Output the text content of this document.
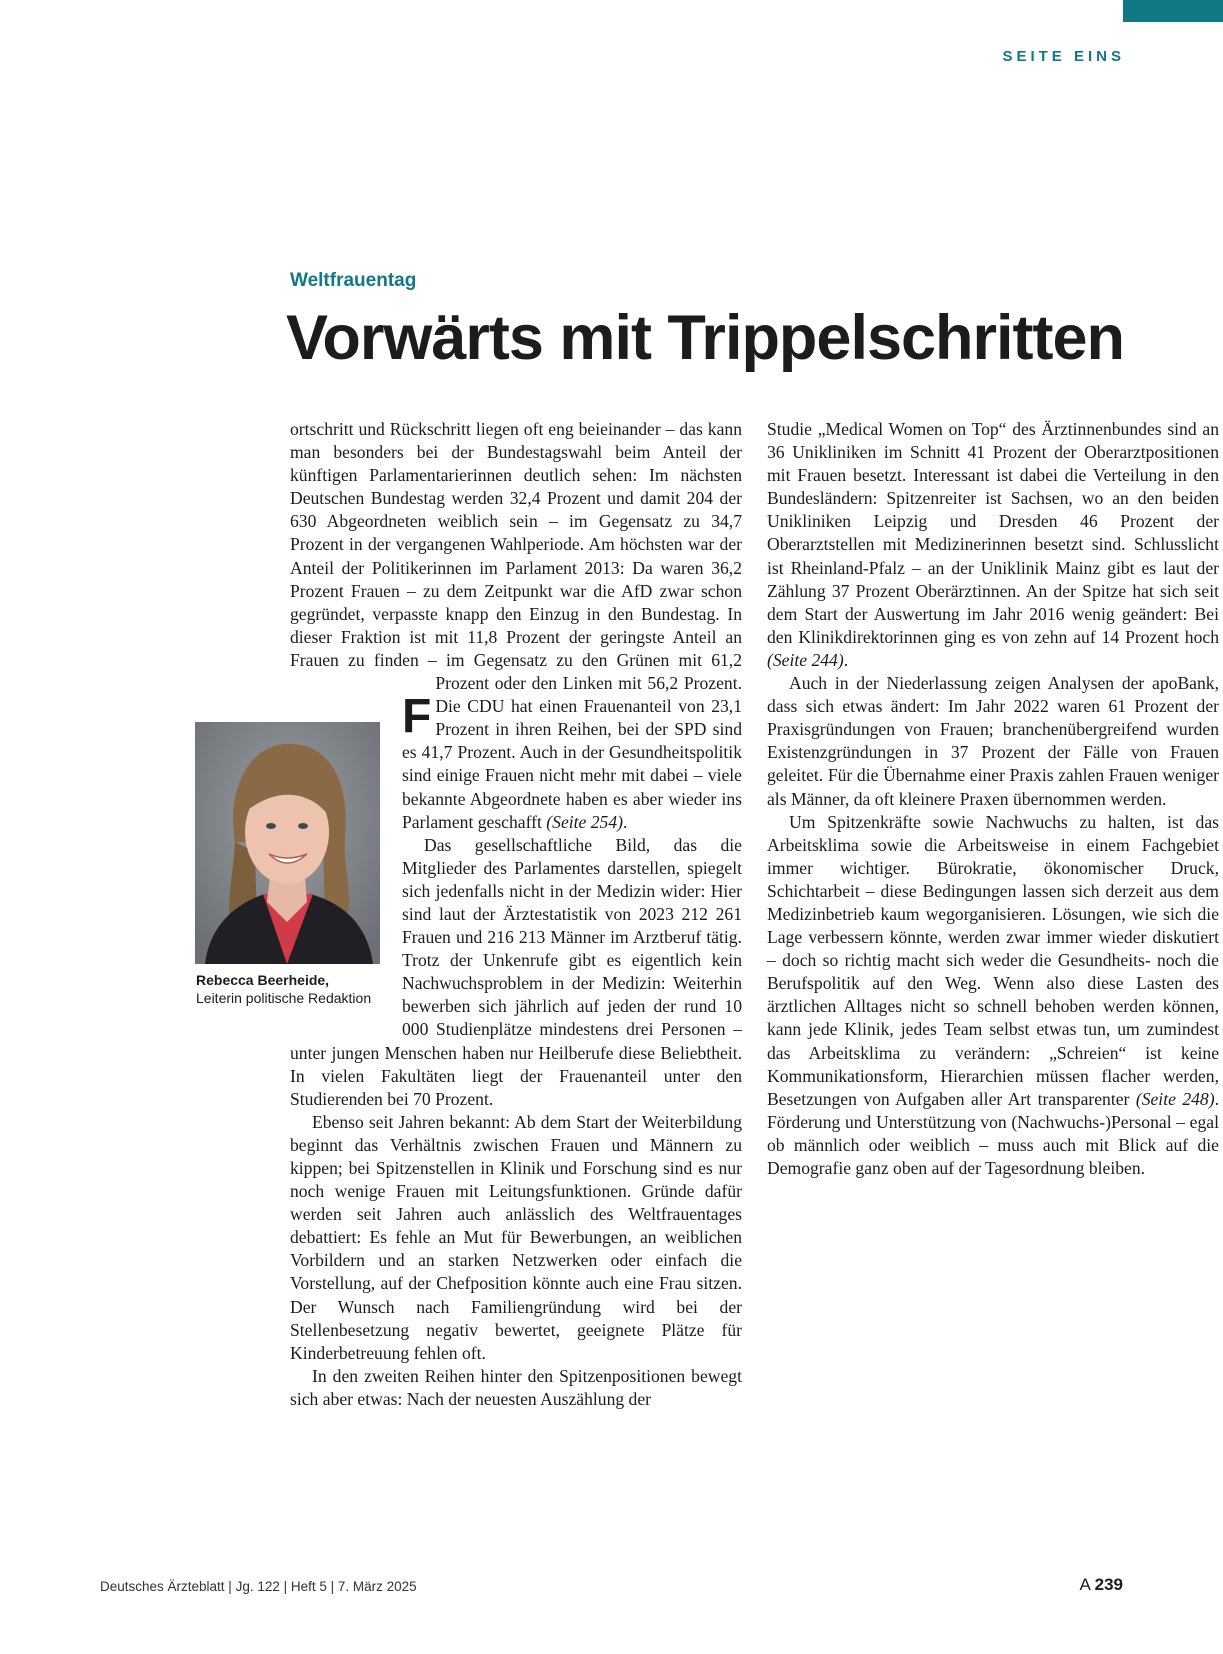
SEITE EINS
Weltfrauentag
Vorwärts mit Trippelschritten

F
ortschritt und Rückschritt liegen oft eng beieinander – das kann man besonders bei der Bundestagswahl beim Anteil der künftigen Parlamentarierinnen deutlich sehen: Im nächsten Deutschen Bundestag werden 32,4 Prozent und damit 204 der 630 Abgeordneten weiblich sein – im Gegensatz zu 34,7 Prozent in der vergangenen Wahlperiode. Am höchsten war der Anteil der Politikerinnen im Parlament 2013: Da waren 36,2 Prozent Frauen – zu dem Zeitpunkt war die AfD zwar schon gegründet, verpasste knapp den Einzug in den Bundestag. In dieser Fraktion ist mit 11,8 Prozent der geringste Anteil an Frauen zu finden – im Gegensatz zu den Grünen mit 61,2 Prozent oder den Linken mit 56,2 Prozent. Die CDU hat einen Frauenanteil von 23,1 Prozent in ihren Reihen, bei der SPD sind es 41,7 Prozent. Auch in der Gesundheitspolitik sind einige Frauen nicht mehr mit dabei – viele bekannte Abgeordnete haben es aber wieder ins Parlament geschafft (Seite 254).

Das gesellschaftliche Bild, das die Mitglieder des Parlamentes darstellen, spiegelt sich jedenfalls nicht in der Medizin wider: Hier sind laut der Ärztestatistik von 2023 212 261 Frauen und 216 213 Männer im Arztberuf tätig. Trotz der Unkenrufe gibt es eigentlich kein Nachwuchsproblem in der Medizin: Weiterhin bewerben sich jährlich auf jeden der rund 10 000 Studienplätze mindestens drei Personen – unter jungen Menschen haben nur Heilberufe diese Beliebtheit. In vielen Fakultäten liegt der Frauenanteil unter den Studierenden bei 70 Prozent.

Ebenso seit Jahren bekannt: Ab dem Start der Weiterbildung beginnt das Verhältnis zwischen Frauen und Männern zu kippen; bei Spitzenstellen in Klinik und Forschung sind es nur noch wenige Frauen mit Leitungsfunktionen. Gründe dafür werden seit Jahren auch anlässlich des Weltfrauentages debattiert: Es fehle an Mut für Bewerbungen, an weiblichen Vorbildern und an starken Netzwerken oder einfach die Vorstellung, auf der Chefposition könnte auch eine Frau sitzen. Der Wunsch nach Familiengründung wird bei der Stellenbesetzung negativ bewertet, geeignete Plätze für Kinderbetreuung fehlen oft.

In den zweiten Reihen hinter den Spitzenpositionen bewegt sich aber etwas: Nach der neuesten Auszählung der

Studie „Medical Women on Top“ des Ärztinnenbundes sind an 36 Unikliniken im Schnitt 41 Prozent der Oberarztpositionen mit Frauen besetzt. Interessant ist dabei die Verteilung in den Bundesländern: Spitzenreiter ist Sachsen, wo an den beiden Unikliniken Leipzig und Dresden 46 Prozent der Oberarztstellen mit Medizinerinnen besetzt sind. Schlusslicht ist Rheinland-Pfalz – an der Uniklinik Mainz gibt es laut der Zählung 37 Prozent Oberärztinnen. An der Spitze hat sich seit dem Start der Auswertung im Jahr 2016 wenig geändert: Bei den Klinikdirektorinnen ging es von zehn auf 14 Prozent hoch (Seite 244).

Auch in der Niederlassung zeigen Analysen der apoBank, dass sich etwas ändert: Im Jahr 2022 waren 61 Prozent der Praxisgründungen von Frauen; branchenübergreifend wurden Existenzgründungen in 37 Prozent der Fälle von Frauen geleitet. Für die Übernahme einer Praxis zahlen Frauen weniger als Männer, da oft kleinere Praxen übernommen werden.

Um Spitzenkräfte sowie Nachwuchs zu halten, ist das Arbeitsklima sowie die Arbeitsweise in einem Fachgebiet immer wichtiger. Bürokratie, ökonomischer Druck, Schichtarbeit – diese Bedingungen lassen sich derzeit aus dem Medizinbetrieb kaum wegorganisieren. Lösungen, wie sich die Lage verbessern könnte, werden zwar immer wieder diskutiert – doch so richtig macht sich weder die Gesundheits- noch die Berufspolitik auf den Weg. Wenn also diese Lasten des ärztlichen Alltages nicht so schnell behoben werden können, kann jede Klinik, jedes Team selbst etwas tun, um zumindest das Arbeitsklima zu verändern: „Schreien“ ist keine Kommunikationsform, Hierarchien müssen flacher werden, Besetzungen von Aufgaben aller Art transparenter (Seite 248). Förderung und Unterstützung von (Nachwuchs-)Personal – egal ob männlich oder weiblich – muss auch mit Blick auf die Demografie ganz oben auf der Tagesordnung bleiben.

Rebecca Beerheide,
Leiterin politische Redaktion
Deutsches Ärzteblatt | Jg. 122 | Heft 5 | 7. März 2025	A 239
